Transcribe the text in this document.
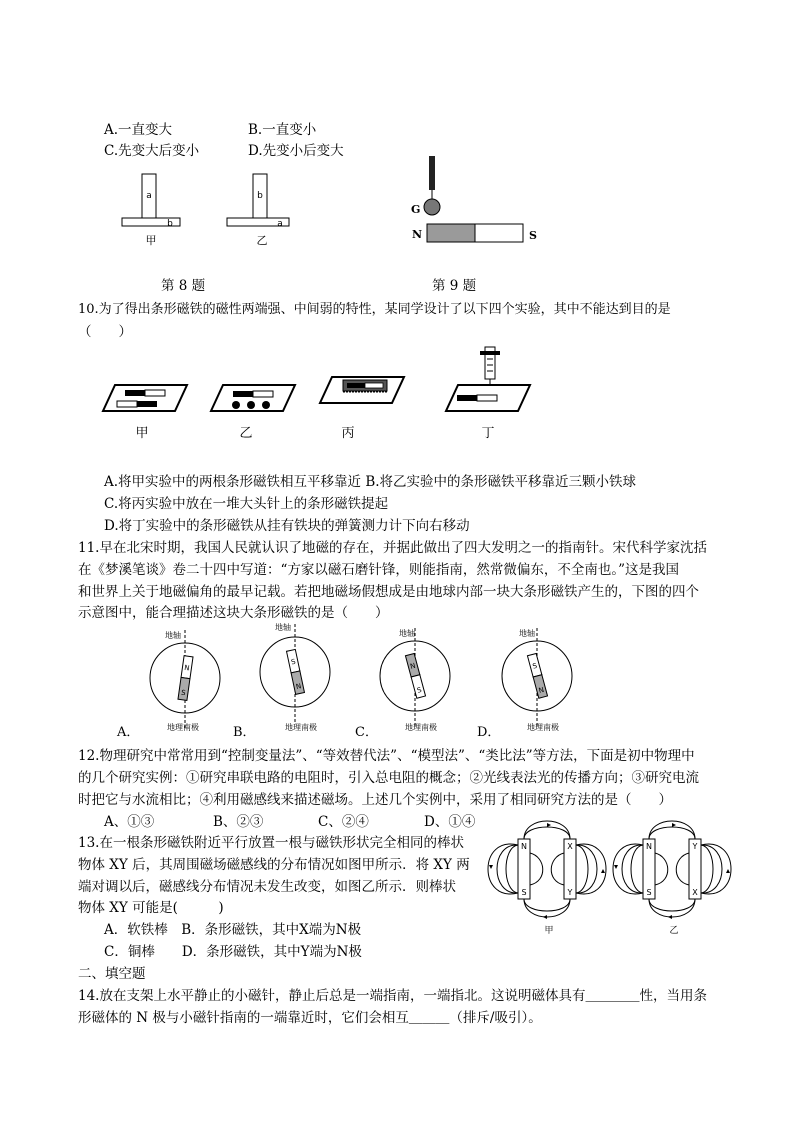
A.一直变大	B.一直变小
C.先变大后变小	D.先变小后变大
a
b
甲
b
a
乙
G
N	S
第 8 题	第 9 题
10.为了得出条形磁铁的磁性两端强、中间弱的特性，某同学设计了以下四个实验，其中不能达到目的是
（　　）
甲	乙	丙	丁
A.将甲实验中的两根条形磁铁相互平移靠近 B.将乙实验中的条形磁铁平移靠近三颗小铁球
C.将丙实验中放在一堆大头针上的条形磁铁提起
D.将丁实验中的条形磁铁从挂有铁块的弹簧测力计下向右移动
11.早在北宋时期，我国人民就认识了地磁的存在，并据此做出了四大发明之一的指南针。宋代科学家沈括
在《梦溪笔谈》卷二十四中写道：“方家以磁石磨针锋，则能指南，然常微偏东，不全南也。”这是我国
和世界上关于地磁偏角的最早记载。若把地磁场假想成是由地球内部一块大条形磁铁产生的，下图的四个
示意图中，能合理描述这块大条形磁铁的是（　　）
N
S
地轴
地理南极
A．
S
N
地轴
地理南极
B．
N
S
地轴
地理南极
C．
S
N
地轴
地理南极
D．
12.物理研究中常常用到“控制变量法”、“等效替代法”、“模型法”、“类比法”等方法，下面是初中物理中
的几个研究实例：①研究串联电路的电阻时，引入总电阻的概念；②光线表法光的传播方向；③研究电流
时把它与水流相比；④利用磁感线来描述磁场。上述几个实例中，采用了相同研究方法的是（　　）
A、①③	B、②③	C、②④	D、①④
13.在一根条形磁铁附近平行放置一根与磁铁形状完全相同的棒状
物体 XY 后，其周围磁场磁感线的分布情况如图甲所示．将 XY 两
端对调以后，磁感线分布情况未发生改变，如图乙所示．则棒状
物体 XY 可能是(　　　)
A．软铁棒　B．条形磁铁，其中X端为N极
C．铜棒　　D．条形磁铁，其中Y端为N极
N	X
S	Y
甲
N	Y
S	X
乙
二、填空题
14.放在支架上水平静止的小磁针，静止后总是一端指南，一端指北。这说明磁体具有＿＿＿＿性，当用条
形磁体的 N 极与小磁针指南的一端靠近时，它们会相互＿＿＿（排斥/吸引）。
